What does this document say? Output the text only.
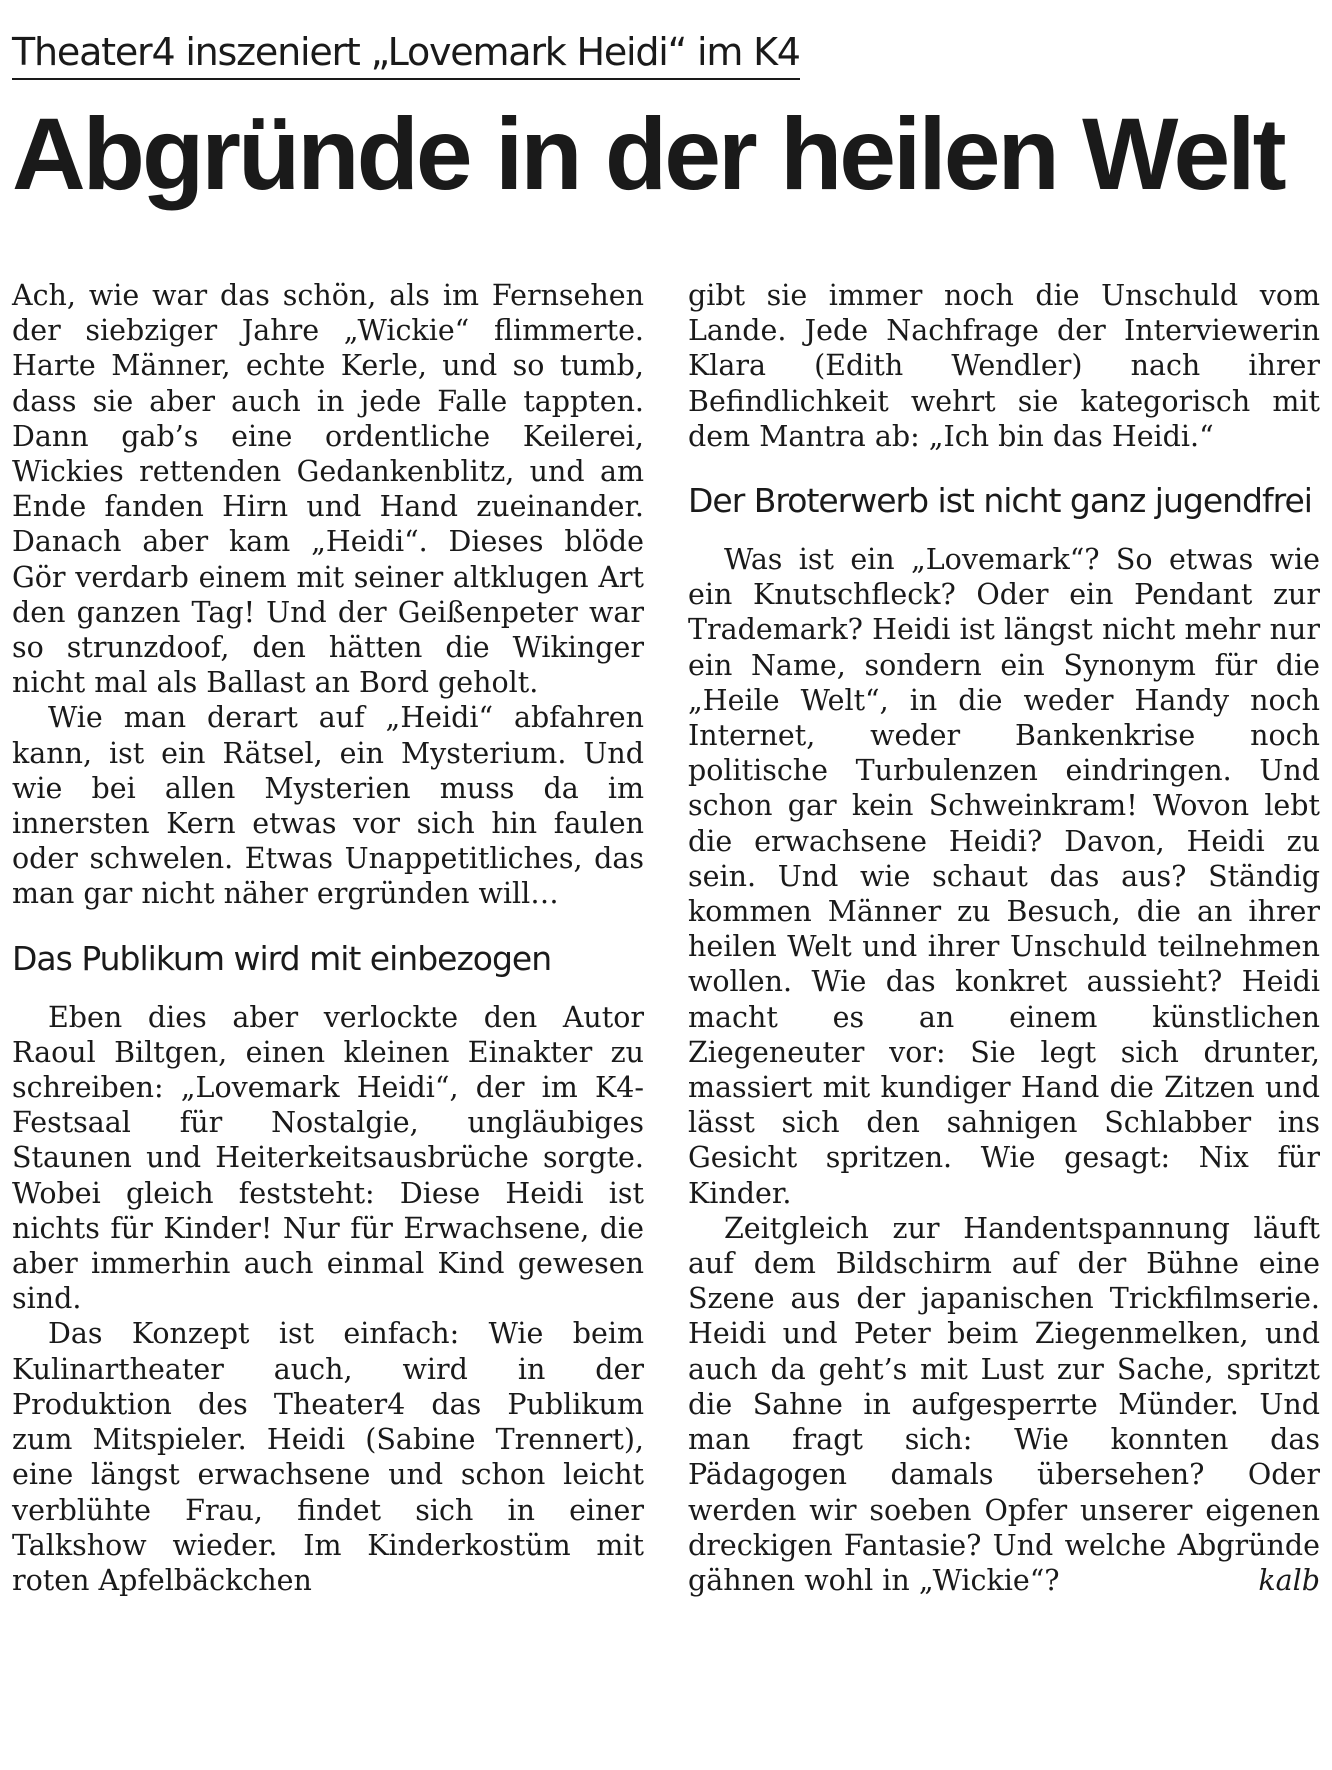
Theater4 inszeniert „Lovemark Heidi“ im K4
Abgründe in der heilen Welt

Ach, wie war das schön, als im Fernsehen der siebziger Jahre „Wickie“ flimmerte. Harte Männer, echte Kerle, und so tumb, dass sie aber auch in jede Falle tappten. Dann gab’s eine ordentliche Keilerei, Wickies rettenden Gedankenblitz, und am Ende fanden Hirn und Hand zueinander. Danach aber kam „Heidi“. Dieses blöde Gör verdarb einem mit seiner altklugen Art den ganzen Tag! Und der Geißenpeter war so strunzdoof, den hätten die Wikinger nicht mal als Ballast an Bord geholt.

Wie man derart auf „Heidi“ abfahren kann, ist ein Rätsel, ein Mysterium. Und wie bei allen Mysterien muss da im innersten Kern etwas vor sich hin faulen oder schwelen. Etwas Unappetitliches, das man gar nicht näher ergründen will…

Das Publikum wird mit einbezogen

Eben dies aber verlockte den Autor Raoul Biltgen, einen kleinen Einakter zu schreiben: „Lovemark Heidi“, der im K4-Festsaal für Nostalgie, ungläubiges Staunen und Heiterkeitsausbrüche sorgte. Wobei gleich feststeht: Diese Heidi ist nichts für Kinder! Nur für Erwachsene, die aber immerhin auch einmal Kind gewesen sind.

Das Konzept ist einfach: Wie beim Kulinartheater auch, wird in der Produktion des Theater4 das Publikum zum Mitspieler. Heidi (Sabine Trennert), eine längst erwachsene und schon leicht verblühte Frau, findet sich in einer Talkshow wieder. Im Kinderkostüm mit roten Apfelbäckchen

gibt sie immer noch die Unschuld vom Lande. Jede Nachfrage der Interviewerin Klara (Edith Wendler) nach ihrer Befindlichkeit wehrt sie kategorisch mit dem Mantra ab: „Ich bin das Heidi.“

Der Broterwerb ist nicht ganz jugendfrei

Was ist ein „Lovemark“? So etwas wie ein Knutschfleck? Oder ein Pendant zur Trademark? Heidi ist längst nicht mehr nur ein Name, sondern ein Synonym für die „Heile Welt“, in die weder Handy noch Internet, weder Bankenkrise noch politische Turbulenzen eindringen. Und schon gar kein Schweinkram! Wovon lebt die erwachsene Heidi? Davon, Heidi zu sein. Und wie schaut das aus? Ständig kommen Männer zu Besuch, die an ihrer heilen Welt und ihrer Unschuld teilnehmen wollen. Wie das konkret aussieht? Heidi macht es an einem künstlichen Ziegeneuter vor: Sie legt sich drunter, massiert mit kundiger Hand die Zitzen und lässt sich den sahnigen Schlabber ins Gesicht spritzen. Wie gesagt: Nix für Kinder.

Zeitgleich zur Handentspannung läuft auf dem Bildschirm auf der Bühne eine Szene aus der japanischen Trickfilmserie. Heidi und Peter beim Ziegenmelken, und auch da geht’s mit Lust zur Sache, spritzt die Sahne in aufgesperrte Münder. Und man fragt sich: Wie konnten das Pädagogen damals übersehen? Oder werden wir soeben Opfer unserer eigenen dreckigen Fantasie? Und welche Abgründe gähnen wohl in „Wickie“?	kalb
